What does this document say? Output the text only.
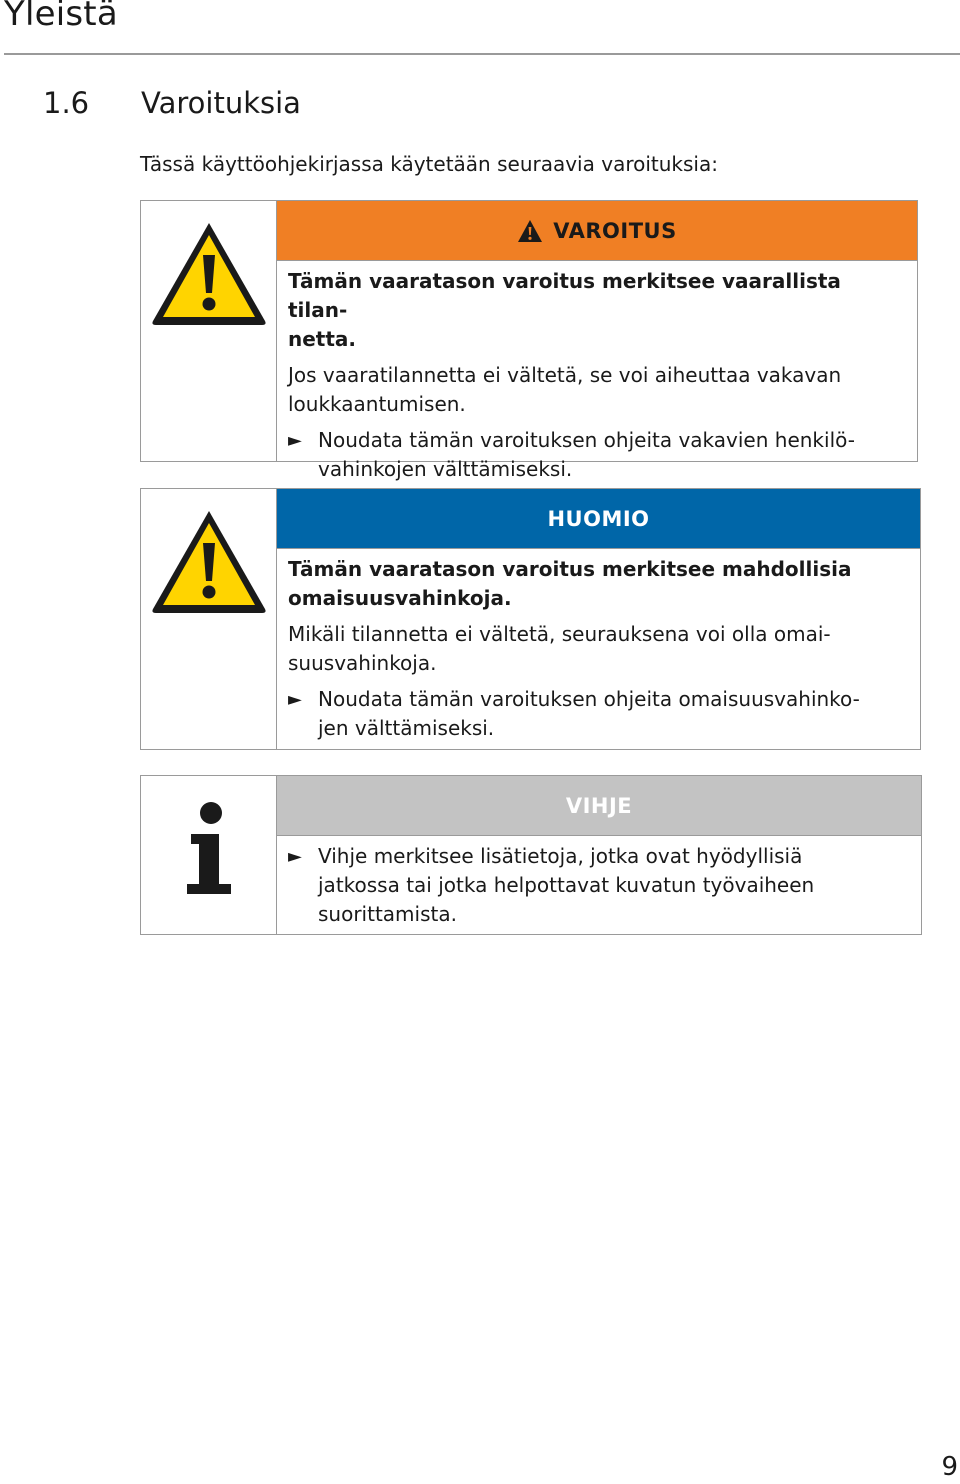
Yleistä
1.6 Varoituksia
Tässä käyttöohjekirjassa käytetään seuraavia varoituksia:
VAROITUS

Tämän vaaratason varoitus merkitsee vaarallista tilan-
netta.

Jos vaaratilannetta ei vältetä, se voi aiheuttaa vakavan
loukkaantumisen.

► Noudata tämän varoituksen ohjeita vakavien henkilö-
vahinkojen välttämiseksi.
HUOMIO

Tämän vaaratason varoitus merkitsee mahdollisia
omaisuusvahinkoja.

Mikäli tilannetta ei vältetä, seurauksena voi olla omai-
suusvahinkoja.

► Noudata tämän varoituksen ohjeita omaisuusvahinko-
jen välttämiseksi.
VIHJE
► Vihje merkitsee lisätietoja, jotka ovat hyödyllisiä
jatkossa tai jotka helpottavat kuvatun työvaiheen
suorittamista.
9
